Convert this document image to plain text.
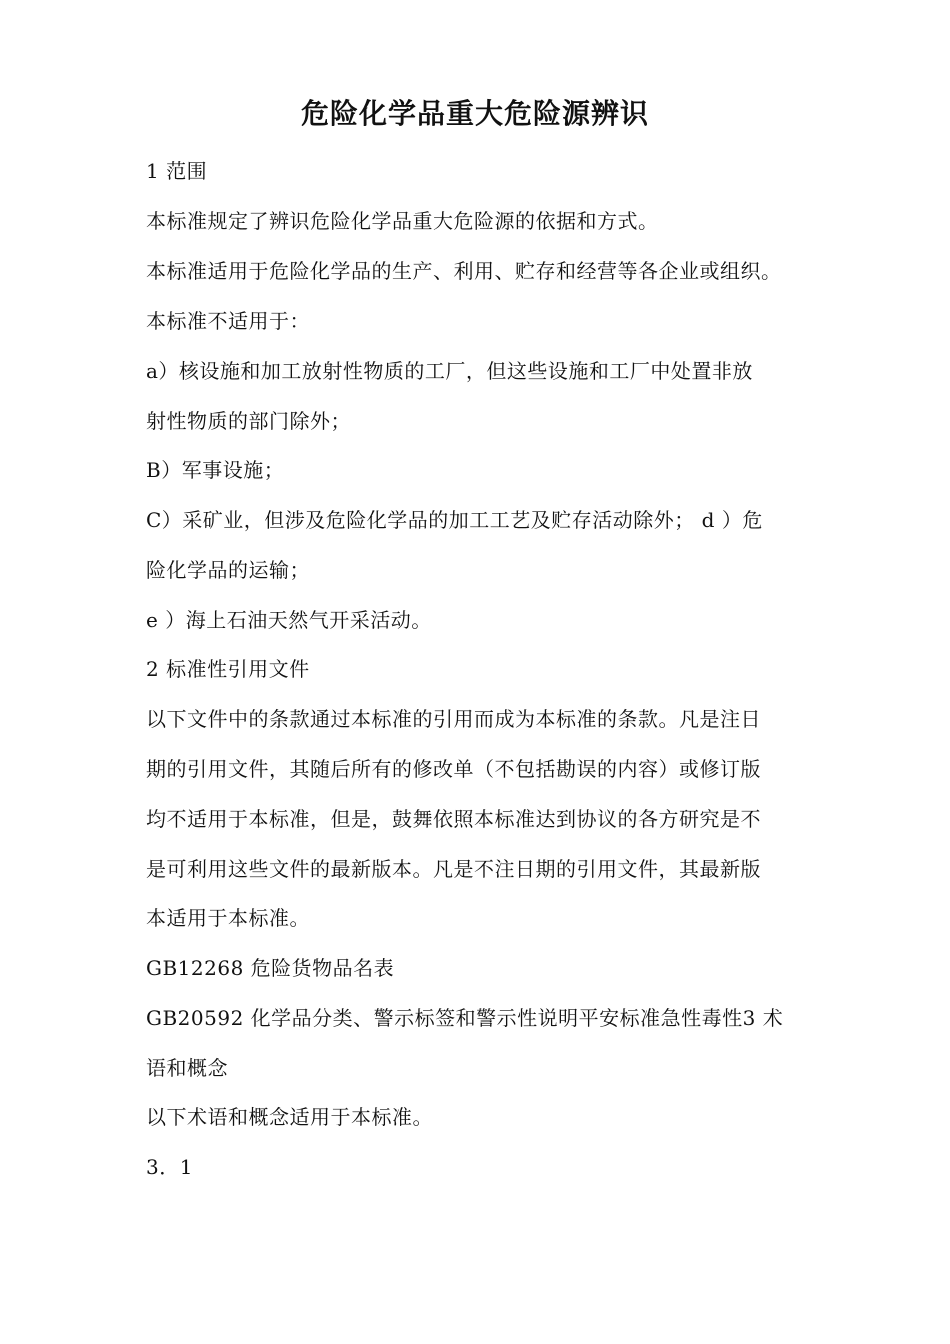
危险化学品重大危险源辨识
1 范围
本标准规定了辨识危险化学品重大危险源的依据和方式。
本标准适用于危险化学品的生产、利用、贮存和经营等各企业或组织。
本标准不适用于：
a）核设施和加工放射性物质的工厂，但这些设施和工厂中处置非放
射性物质的部门除外；
B）军事设施；
C）采矿业，但涉及危险化学品的加工工艺及贮存活动除外； d ）危
险化学品的运输；
e ）海上石油天然气开采活动。
2 标准性引用文件
以下文件中的条款通过本标准的引用而成为本标准的条款。凡是注日
期的引用文件，其随后所有的修改单（不包括勘误的内容）或修订版
均不适用于本标准，但是，鼓舞依照本标准达到协议的各方研究是不
是可利用这些文件的最新版本。凡是不注日期的引用文件，其最新版
本适用于本标准。
GB12268 危险货物品名表
GB20592 化学品分类、警示标签和警示性说明平安标准急性毒性3 术
语和概念
以下术语和概念适用于本标准。
3．1
